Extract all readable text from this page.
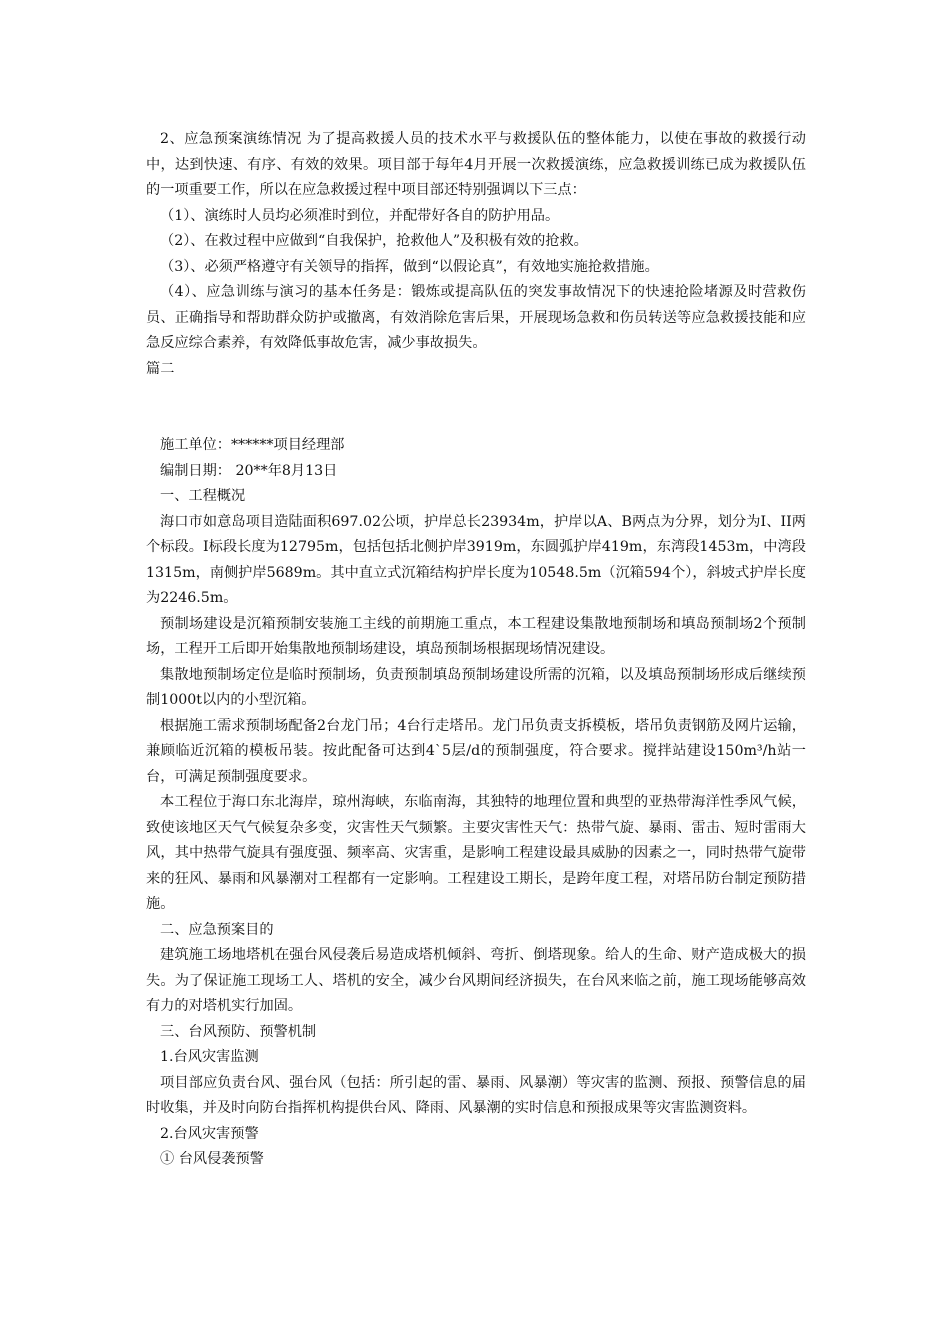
2、应急预案演练情况 为了提高救援人员的技术水平与救援队伍的整体能力，以使在事故的救援行动中，达到快速、有序、有效的效果。项目部于每年4月开展一次救援演练，应急救援训练已成为救援队伍的一项重要工作，所以在应急救援过程中项目部还特别强调以下三点：

（1）、演练时人员均必须准时到位，并配带好各自的防护用品。

（2）、在救过程中应做到“自我保护，抢救他人”及积极有效的抢救。

（3）、必须严格遵守有关领导的指挥，做到“以假论真”，有效地实施抢救措施。

（4）、应急训练与演习的基本任务是：锻炼或提高队伍的突发事故情况下的快速抢险堵源及时营救伤员、正确指导和帮助群众防护或撤离，有效消除危害后果，开展现场急救和伤员转送等应急救援技能和应急反应综合素养，有效降低事故危害，减少事故损失。

篇二

施工单位：******项目经理部

编制日期： 20**年8月13日

一、工程概况

海口市如意岛项目造陆面积697.02公顷，护岸总长23934m，护岸以A、B两点为分界，划分为I、II两个标段。I标段长度为12795m，包括包括北侧护岸3919m，东圆弧护岸419m，东湾段1453m，中湾段1315m，南侧护岸5689m。其中直立式沉箱结构护岸长度为10548.5m（沉箱594个），斜坡式护岸长度为2246.5m。

预制场建设是沉箱预制安装施工主线的前期施工重点，本工程建设集散地预制场和填岛预制场2个预制场，工程开工后即开始集散地预制场建设，填岛预制场根据现场情况建设。

集散地预制场定位是临时预制场，负责预制填岛预制场建设所需的沉箱，以及填岛预制场形成后继续预制1000t以内的小型沉箱。

根据施工需求预制场配备2台龙门吊；4台行走塔吊。龙门吊负责支拆模板，塔吊负责钢筋及网片运输，兼顾临近沉箱的模板吊装。按此配备可达到4`5层/d的预制强度，符合要求。搅拌站建设150m³/h站一台，可满足预制强度要求。

本工程位于海口东北海岸，琼州海峡，东临南海，其独特的地理位置和典型的亚热带海洋性季风气候，致使该地区天气气候复杂多变，灾害性天气频繁。主要灾害性天气：热带气旋、暴雨、雷击、短时雷雨大风，其中热带气旋具有强度强、频率高、灾害重，是影响工程建设最具威胁的因素之一，同时热带气旋带来的狂风、暴雨和风暴潮对工程都有一定影响。工程建设工期长，是跨年度工程，对塔吊防台制定预防措施。

二、应急预案目的

建筑施工场地塔机在强台风侵袭后易造成塔机倾斜、弯折、倒塔现象。给人的生命、财产造成极大的损失。为了保证施工现场工人、塔机的安全，减少台风期间经济损失，在台风来临之前，施工现场能够高效有力的对塔机实行加固。

三、台风预防、预警机制

1.台风灾害监测

项目部应负责台风、强台风（包括：所引起的雷、暴雨、风暴潮）等灾害的监测、预报、预警信息的届时收集，并及时向防台指挥机构提供台风、降雨、风暴潮的实时信息和预报成果等灾害监测资料。

2.台风灾害预警

① 台风侵袭预警
